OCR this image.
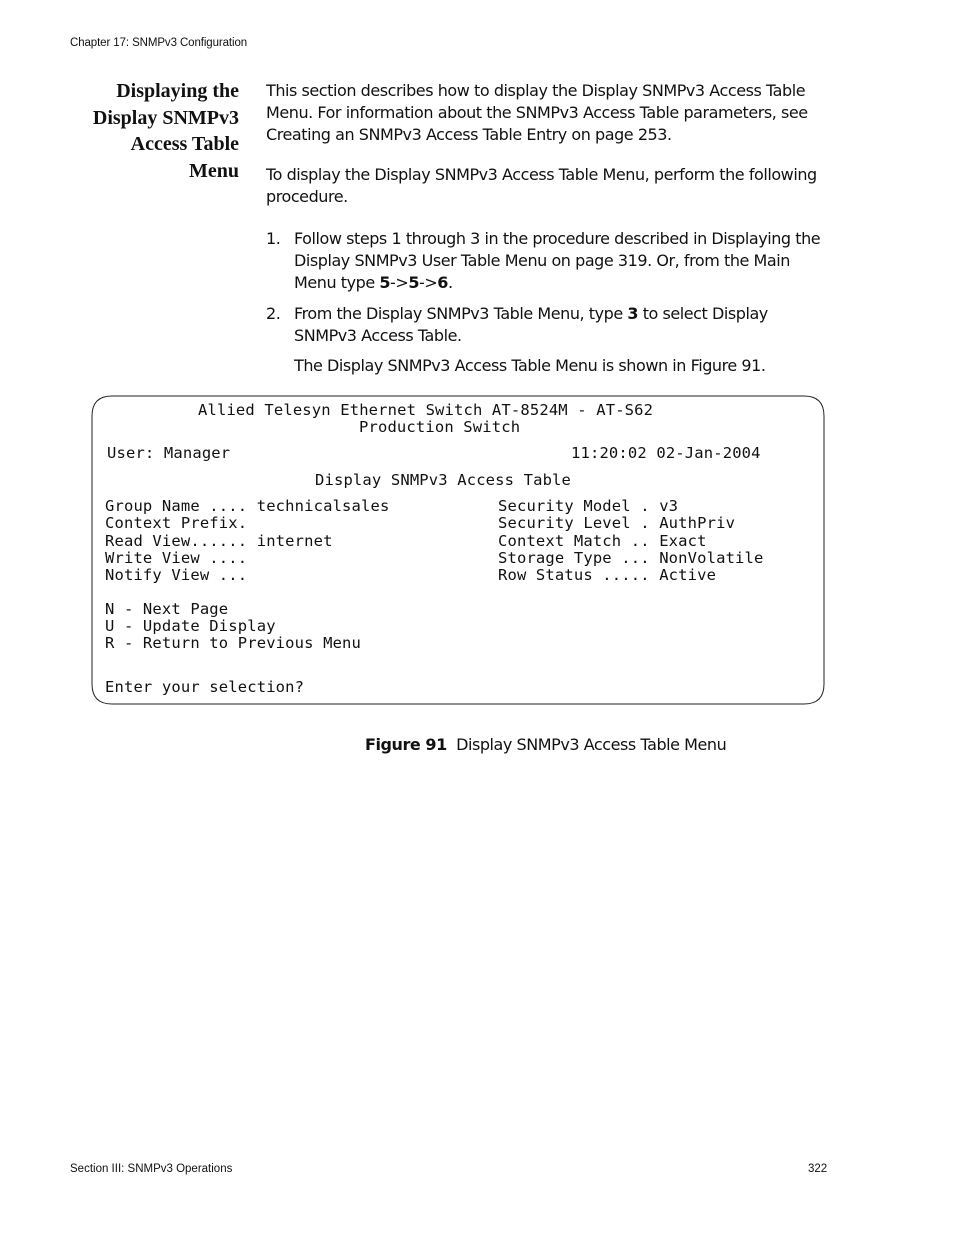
Chapter 17: SNMPv3 Configuration
Displaying the
Display SNMPv3
Access Table
Menu
This section describes how to display the Display SNMPv3 Access Table Menu. For information about the SNMPv3 Access Table parameters, see Creating an SNMPv3 Access Table Entry on page 253.
To display the Display SNMPv3 Access Table Menu, perform the following procedure.
1. Follow steps 1 through 3 in the procedure described in Displaying the Display SNMPv3 User Table Menu on page 319. Or, from the Main Menu type 5->5->6.
2. From the Display SNMPv3 Table Menu, type 3 to select Display SNMPv3 Access Table.
The Display SNMPv3 Access Table Menu is shown in Figure 91.
Allied Telesyn Ethernet Switch AT-8524M - AT-S62
Production Switch
User: Manager	11:20:02 02-Jan-2004
Display SNMPv3 Access Table
Group Name .... technicalsales
Context Prefix.
Read View...... internet
Write View ....
Notify View ...
Security Model . v3
Security Level . AuthPriv
Context Match .. Exact
Storage Type ... NonVolatile
Row Status ..... Active
N - Next Page
U - Update Display
R - Return to Previous Menu
Enter your selection?
Figure 91 Display SNMPv3 Access Table Menu
Section III: SNMPv3 Operations	322
